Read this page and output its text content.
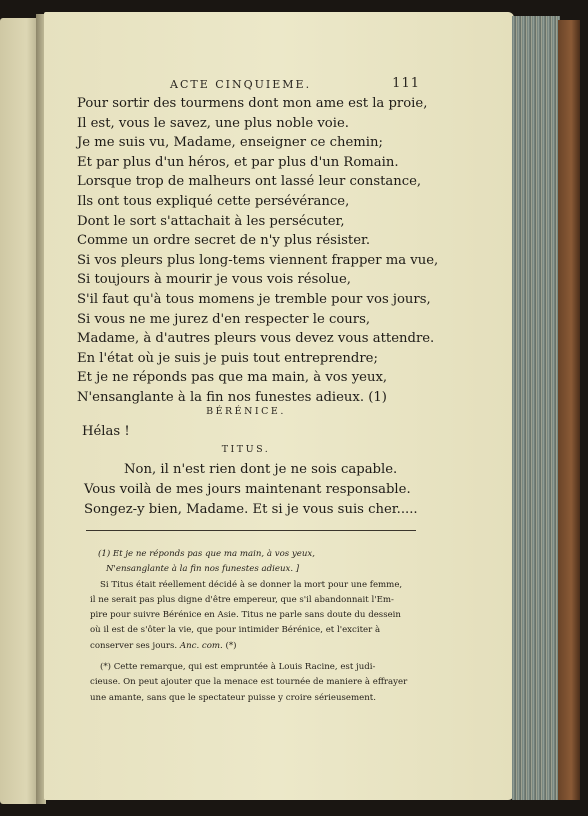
ACTE CINQUIEME.	111
Pour sortir des tourmens dont mon ame est la proie,
Il est, vous le savez, une plus noble voie.
Je me suis vu, Madame, enseigner ce chemin;
Et par plus d'un héros, et par plus d'un Romain.
Lorsque trop de malheurs ont lassé leur constance,
Ils ont tous expliqué cette persévérance,
Dont le sort s'attachait à les persécuter,
Comme un ordre secret de n'y plus résister.
Si vos pleurs plus long-tems viennent frapper ma vue,
Si toujours à mourir je vous vois résolue,
S'il faut qu'à tous momens je tremble pour vos jours,
Si vous ne me jurez d'en respecter le cours,
Madame, à d'autres pleurs vous devez vous attendre.
En l'état où je suis je puis tout entreprendre;
Et je ne réponds pas que ma main, à vos yeux,
N'ensanglante à la fin nos funestes adieux. (1)
BÉRÉNICE.
Hélas !
TITUS.
Non, il n'est rien dont je ne sois capable.
Vous voilà de mes jours maintenant responsable.
Songez-y bien, Madame. Et si je vous suis cher.....
(1) Et je ne réponds pas que ma main, à vos yeux,
N'ensanglante à la fin nos funestes adieux. ]
Si Titus était réellement décidé à se donner la mort pour une femme,
il ne serait pas plus digne d'être empereur, que s'il abandonnait l'Em-
pire pour suivre Bérénice en Asie. Titus ne parle sans doute du dessein
où il est de s'ôter la vie, que pour intimider Bérénice, et l'exciter à
conserver ses jours. Anc. com. (*)
(*) Cette remarque, qui est empruntée à Louis Racine, est judi-
cieuse. On peut ajouter que la menace est tournée de maniere à effrayer
une amante, sans que le spectateur puisse y croire sérieusement.
